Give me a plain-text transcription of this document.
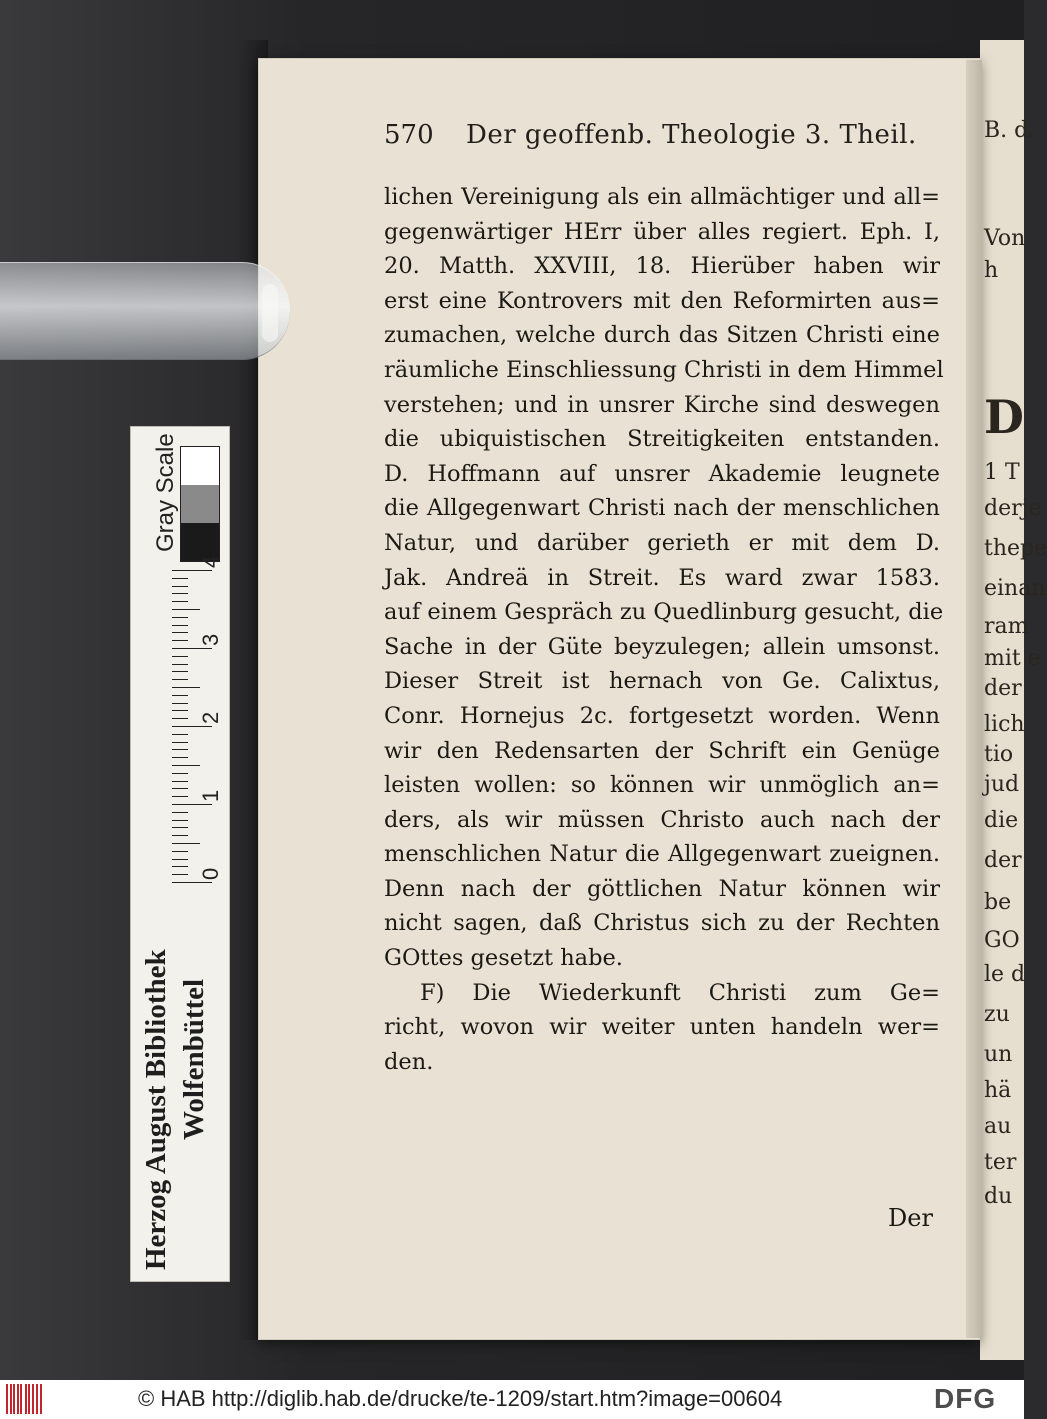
B. d.
Von
h
D
1 T
derje
thepe
einan
ram
mit e
der
lich
tio
jud
die
der
be
GO
le d
zu
un
hä
au
ter
du
570 Der geoffenb. Theologie 3. Theil.
lichen Vereinigung als ein allmächtiger und all=
gegenwärtiger HErr über alles regiert. Eph. I,
20. Matth. XXVIII, 18. Hierüber haben wir
erst eine Kontrovers mit den Reformirten aus=
zumachen, welche durch das Sitzen Christi eine
räumliche Einschliessung Christi in dem Himmel
verstehen; und in unsrer Kirche sind deswegen
die ubiquistischen Streitigkeiten entstanden.
D. Hoffmann auf unsrer Akademie leugnete
die Allgegenwart Christi nach der menschlichen
Natur, und darüber gerieth er mit dem D.
Jak. Andreä in Streit. Es ward zwar 1583.
auf einem Gespräch zu Quedlinburg gesucht, die
Sache in der Güte beyzulegen; allein umsonst.
Dieser Streit ist hernach von Ge. Calixtus,
Conr. Hornejus 2c. fortgesetzt worden. Wenn
wir den Redensarten der Schrift ein Genüge
leisten wollen: so können wir unmöglich an=
ders, als wir müssen Christo auch nach der
menschlichen Natur die Allgegenwart zueignen.
Denn nach der göttlichen Natur können wir
nicht sagen, daß Christus sich zu der Rechten
GOttes gesetzt habe.
F) Die Wiederkunft Christi zum Ge=
richt, wovon wir weiter unten handeln wer=
den.
Der
Gray Scale
0
1
2
3
4
Herzog August Bibliothek Wolfenbüttel
© HAB http://diglib.hab.de/drucke/te-1209/start.htm?image=00604	DFG
